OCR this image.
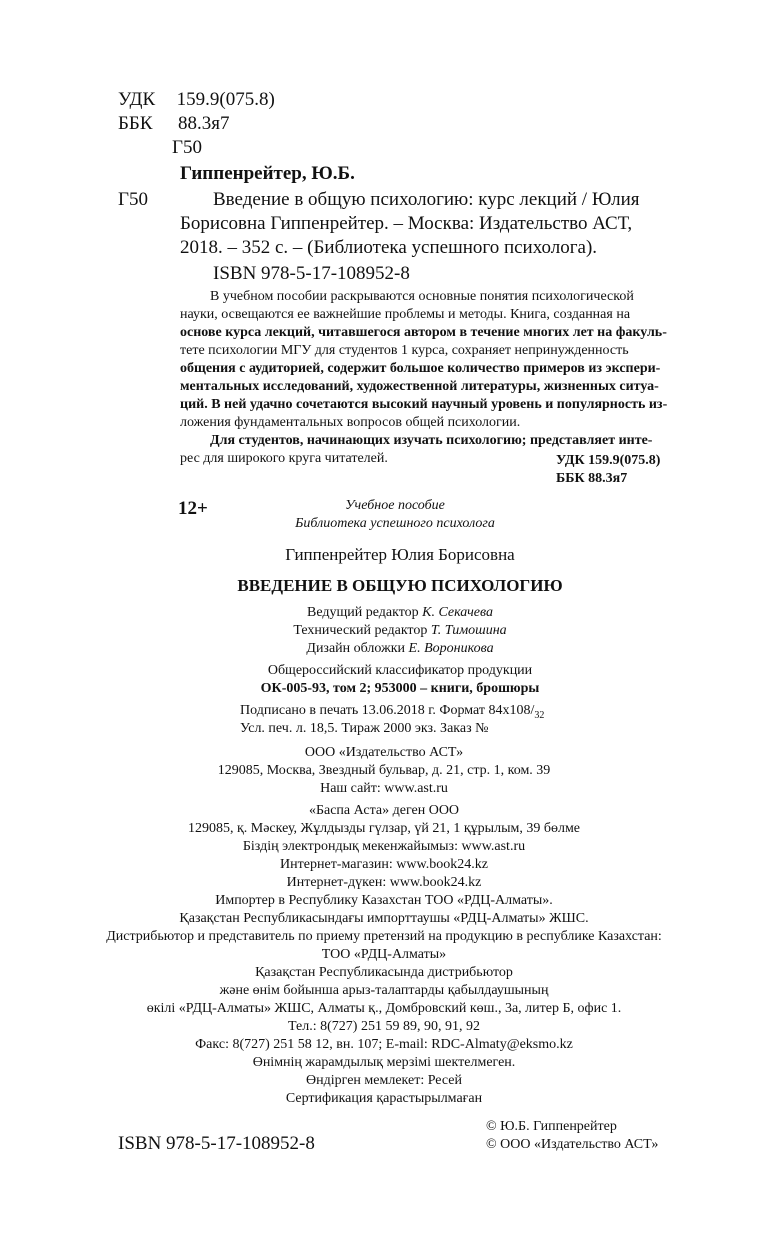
УДК 159.9(075.8)
ББК 88.3я7
Г50
Гиппенрейтер, Ю.Б.
Г50	Введение в общую психологию: курс лекций / Юлия
Борисовна Гиппенрейтер. – Москва: Издательство АСТ,
2018. – 352 с. – (Библиотека успешного психолога).
ISBN 978-5-17-108952-8

В учебном пособии раскрываются основные понятия психологической

науки, освещаются ее важнейшие проблемы и методы. Книга, созданная на

основе курса лекций, читавшегося автором в течение многих лет на факуль-

тете психологии МГУ для студентов 1 курса, сохраняет непринужденность

общения с аудиторией, содержит большое количество примеров из экспери-

ментальных исследований, художественной литературы, жизненных ситуа-

ций. В ней удачно сочетаются высокий научный уровень и популярность из-

ложения фундаментальных вопросов общей психологии.

Для студентов, начинающих изучать психологию; представляет инте-

рес для широкого круга читателей.	УДК 159.9(075.8)
ББК 88.3я7
12+	Учебное пособие
Библиотека успешного психолога
Гиппенрейтер Юлия Борисовна
ВВЕДЕНИЕ В ОБЩУЮ ПСИХОЛОГИЮ
Ведущий редактор К. Секачева
Технический редактор Т. Тимошина
Дизайн обложки Е. Вороникова
Общероссийский классификатор продукции
ОК-005-93, том 2; 953000 – книги, брошюры
Подписано в печать 13.06.2018 г. Формат $84x108/_{32}$
Усл. печ. л. 18,5. Тираж 2000 экз. Заказ №
ООО «Издательство АСТ»
129085, Москва, Звездный бульвар, д. 21, стр. 1, ком. 39
Наш сайт: www.ast.ru
«Баспа Аста» деген ООО
129085, қ. Мәскеу, Жұлдызды гүлзар, үй 21, 1 құрылым, 39 бөлме
Біздің электрондық мекенжайымыз: www.ast.ru
Интернет-магазин: www.book24.kz
Интернет-дүкен: www.book24.kz
Импортер в Республику Казахстан ТОО «РДЦ-Алматы».
Қазақстан Республикасындағы импорттаушы «РДЦ-Алматы» ЖШС.
Дистрибьютор и представитель по приему претензий на продукцию в республике Казахстан:
ТОО «РДЦ-Алматы»
Қазақстан Республикасында дистрибьютор
және өнім бойынша арыз-талаптарды қабылдаушының
өкілі «РДЦ-Алматы» ЖШС, Алматы қ., Домбровский көш., 3а, литер Б, офис 1.
Тел.: 8(727) 251 59 89, 90, 91, 92
Факс: 8(727) 251 58 12, вн. 107; E-mail: RDC-Almaty@eksmo.kz
Өнімнің жарамдылық мерзімі шектелмеген.
Өндірген мемлекет: Ресей
Сертификация қарастырылмаған
ISBN 978-5-17-108952-8
© Ю.Б. Гиппенрейтер
© ООО «Издательство АСТ»
